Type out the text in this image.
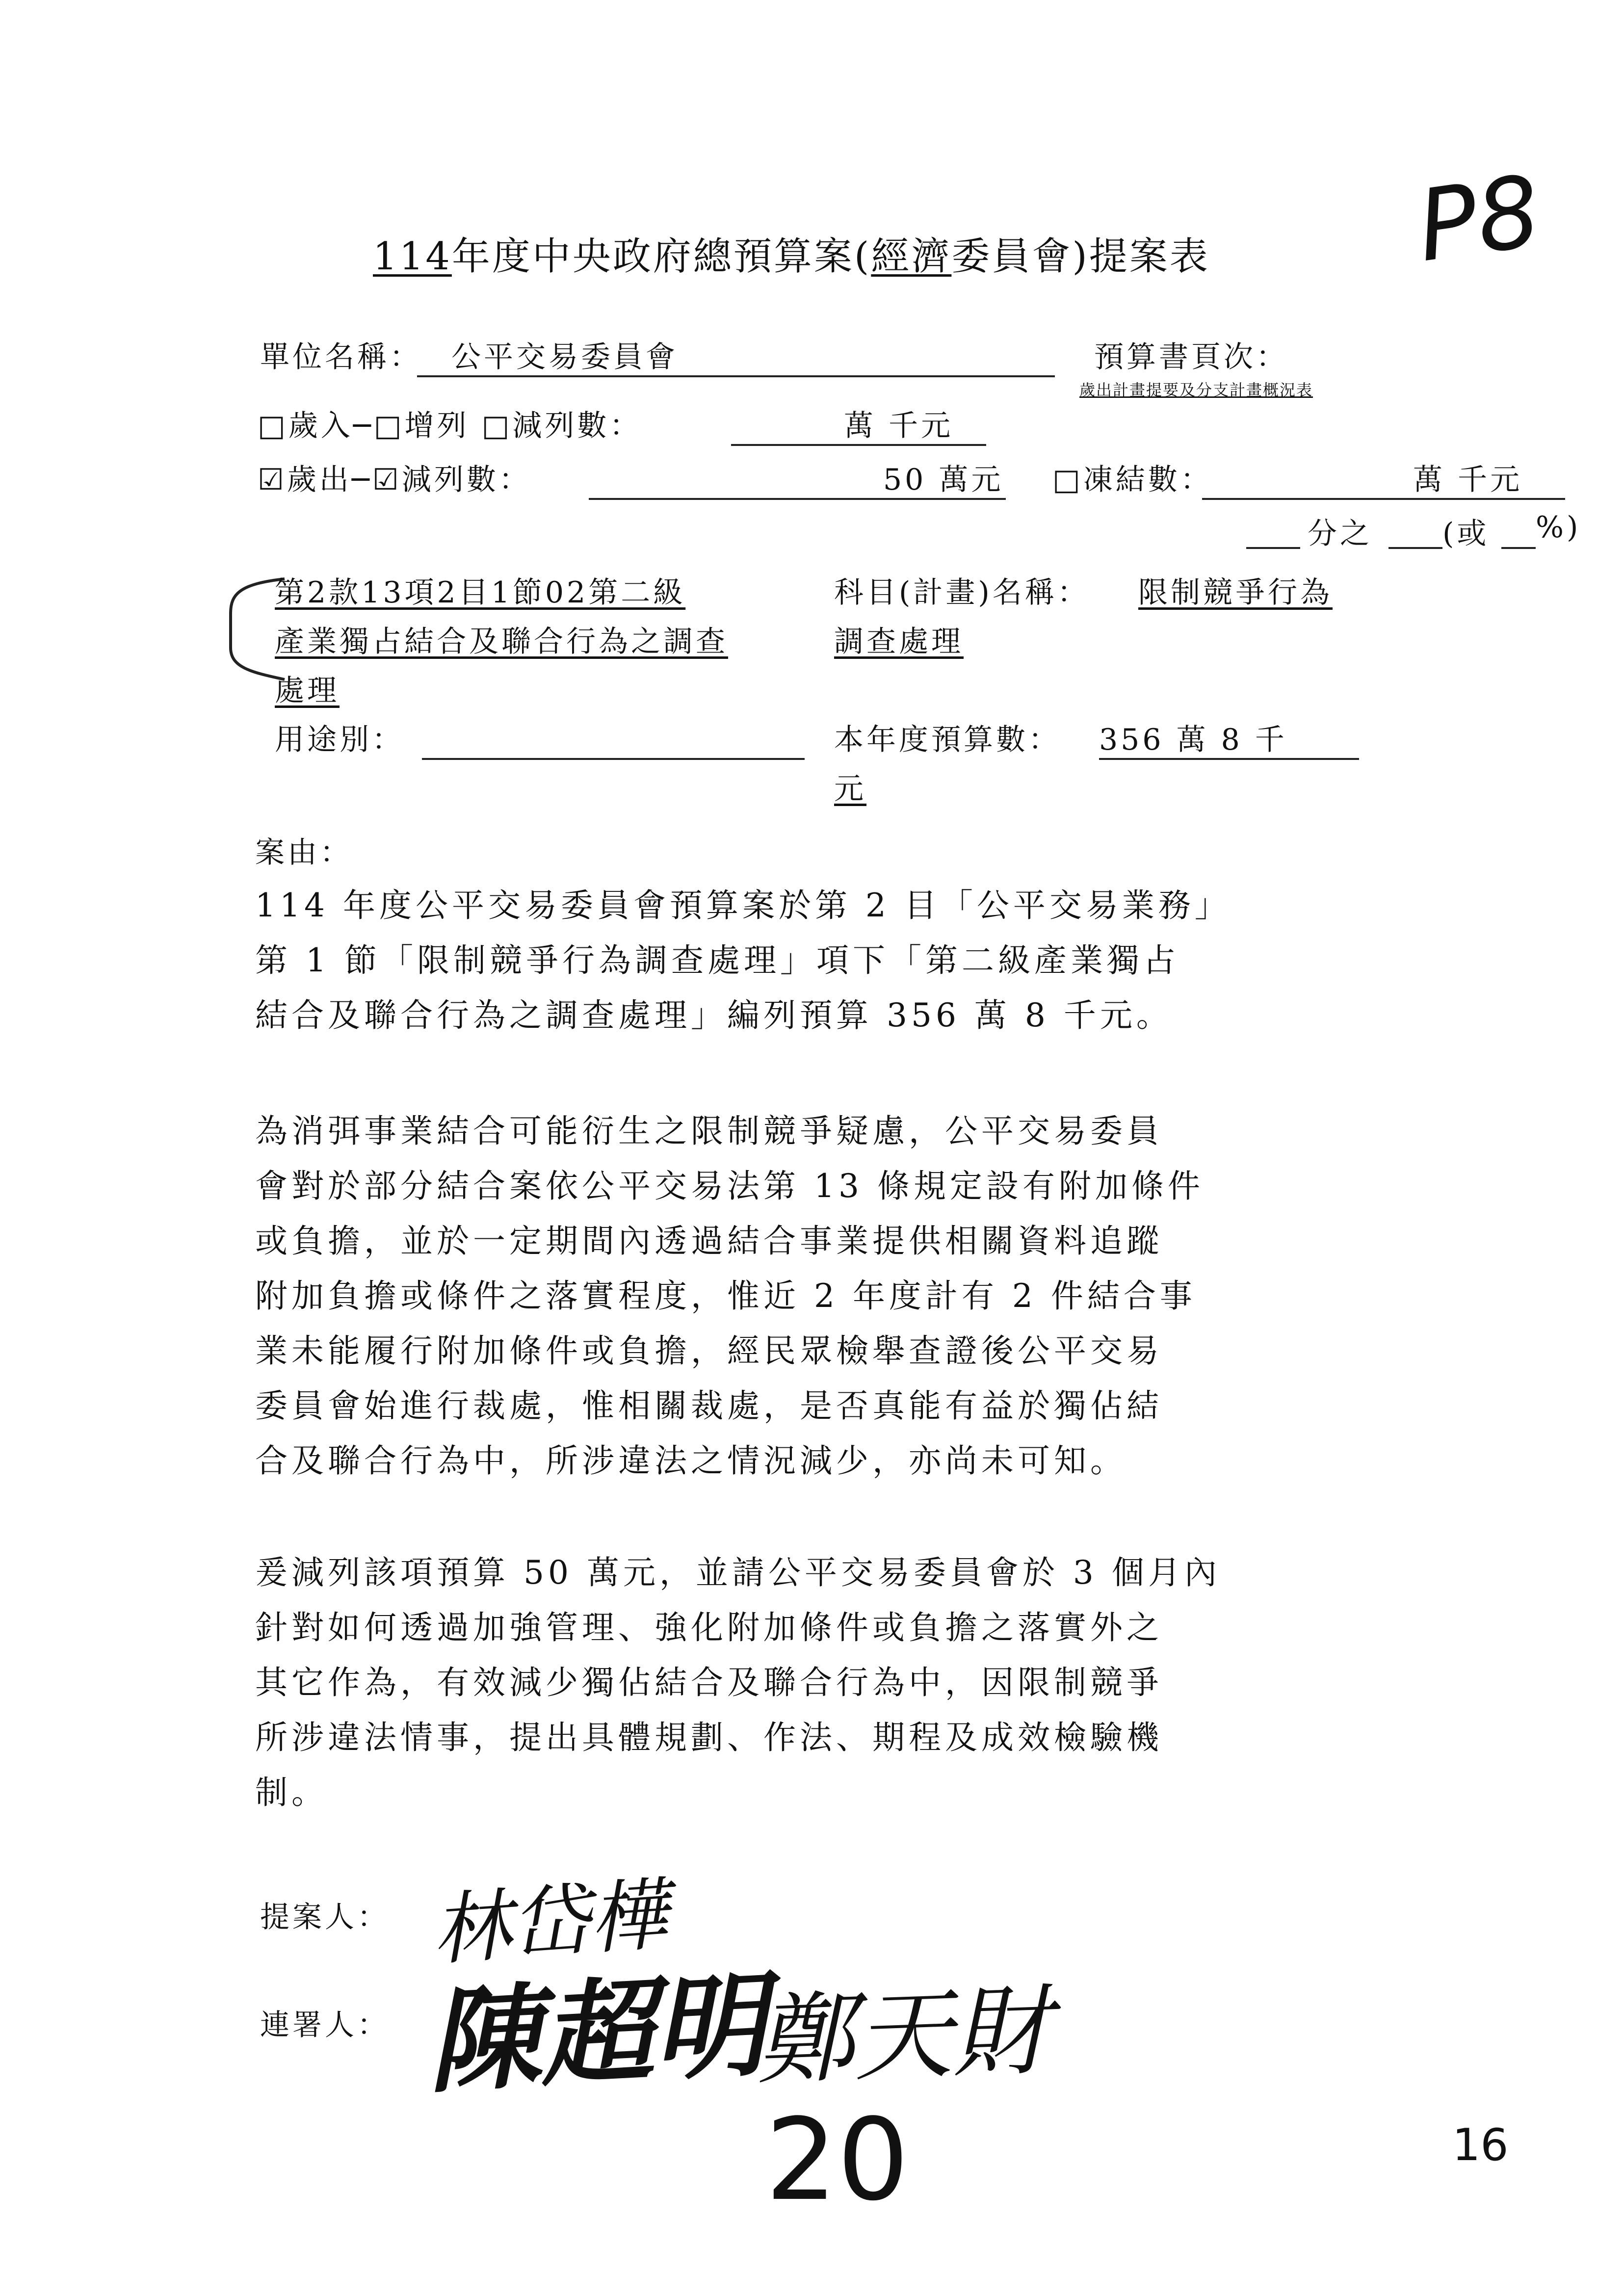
P8
114年度中央政府總預算案(經濟委員會)提案表
單位名稱： 公平交易委員會	預算書頁次：
歲出計畫提要及分支計畫概況表
□歲入─□增列 □減列數：	萬 千元
☑歲出─☑減列數：	50 萬元 □凍結數：	萬 千元
分之 (或 %)
第2款13項2目1節02第二級
產業獨占結合及聯合行為之調查
處理
科目(計畫)名稱： 限制競爭行為
調查處理
用途別：	本年度預算數： 356 萬 8 千
元
案由：

114 年度公平交易委員會預算案於第 2 目「公平交易業務」

第 1 節「限制競爭行為調查處理」項下「第二級產業獨占

結合及聯合行為之調查處理」編列預算 356 萬 8 千元。

為消弭事業結合可能衍生之限制競爭疑慮，公平交易委員

會對於部分結合案依公平交易法第 13 條規定設有附加條件

或負擔，並於一定期間內透過結合事業提供相關資料追蹤

附加負擔或條件之落實程度，惟近 2 年度計有 2 件結合事

業未能履行附加條件或負擔，經民眾檢舉查證後公平交易

委員會始進行裁處，惟相關裁處，是否真能有益於獨佔結

合及聯合行為中，所涉違法之情況減少，亦尚未可知。

爰減列該項預算 50 萬元，並請公平交易委員會於 3 個月內

針對如何透過加強管理、強化附加條件或負擔之落實外之

其它作為，有效減少獨佔結合及聯合行為中，因限制競爭

所涉違法情事，提出具體規劃、作法、期程及成效檢驗機

制。

提案人： 林岱樺
連署人： 陳超明
鄭天財
20	16
